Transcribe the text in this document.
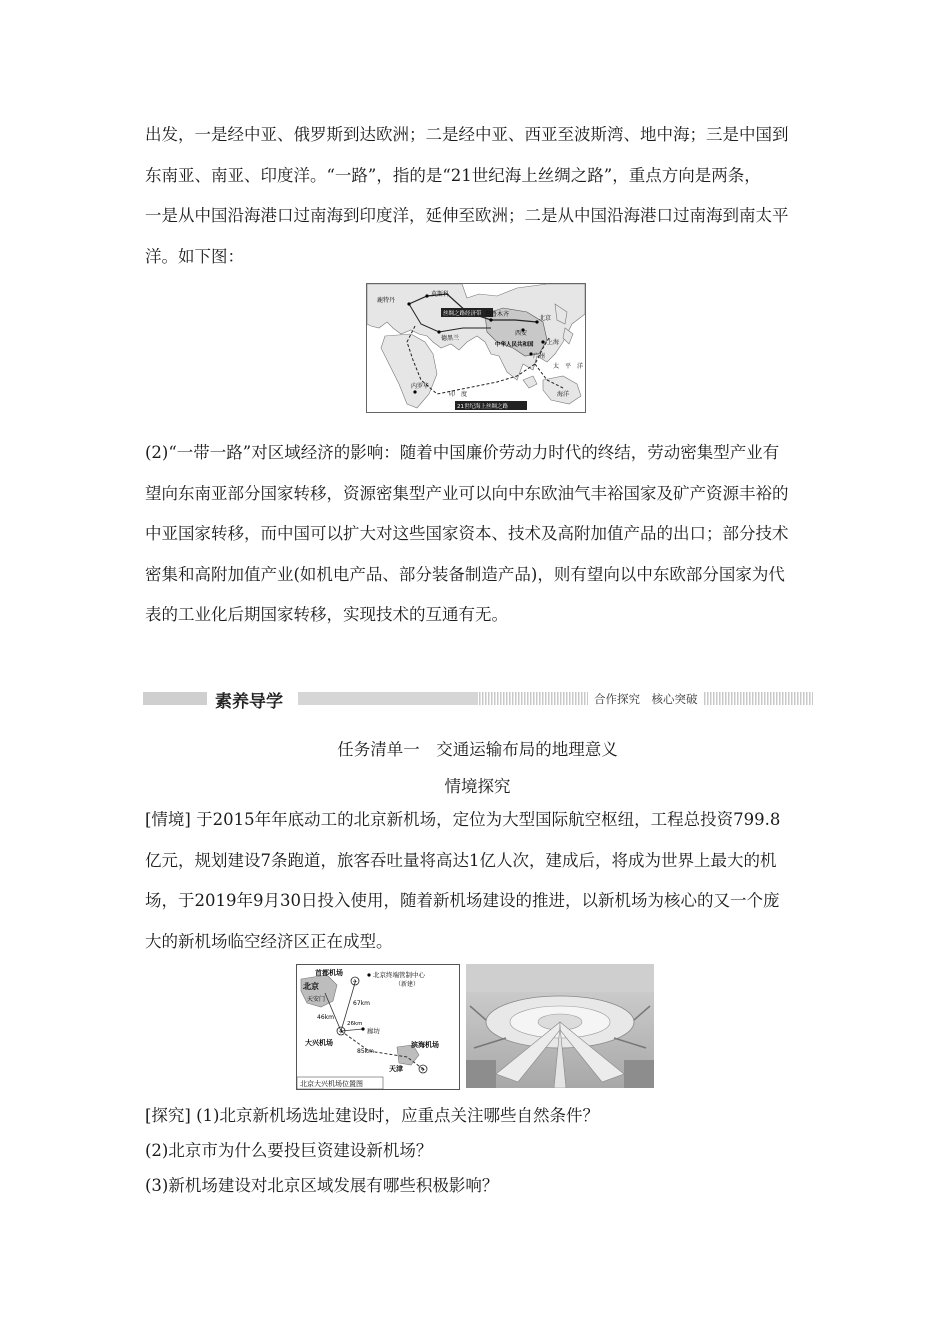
出发，一是经中亚、俄罗斯到达欧洲；二是经中亚、西亚至波斯湾、地中海；三是中国到
东南亚、南亚、印度洋。“一路”，指的是“21世纪海上丝绸之路”，重点方向是两条，
一是从中国沿海港口过南海到印度洋，延伸至欧洲；二是从中国沿海港口过南海到南太平
洋。如下图：
鹿特丹
莫斯科
丝绸之路经济带 乌鲁木齐
北京
西安
德黑兰
中华人民共和国 上海
广州
太　平　洋
内罗毕
印　度	海洋
21世纪海上丝绸之路
(2)“一带一路”对区域经济的影响：随着中国廉价劳动力时代的终结，劳动密集型产业有
望向东南亚部分国家转移，资源密集型产业可以向中东欧油气丰裕国家及矿产资源丰裕的
中亚国家转移，而中国可以扩大对这些国家资本、技术及高附加值产品的出口；部分技术
密集和高附加值产业(如机电产品、部分装备制造产品)，则有望向以中东欧部分国家为代
表的工业化后期国家转移，实现技术的互通有无。
素养导学	合作探究　核心突破
任务清单一　交通运输布局的地理意义
情境探究
[情境] 于2015年年底动工的北京新机场，定位为大型国际航空枢纽，工程总投资799.8
亿元，规划建设7条跑道，旅客吞吐量将高达1亿人次，建成后，将成为世界上最大的机
场，于2019年9月30日投入使用，随着新机场建设的推进，以新机场为核心的又一个庞
大的新机场临空经济区正在成型。
✈
✈
✈
首都机场	北京终端管制中心
（新建）
北京
天安门
67km
46km
26km
廊坊
大兴机场
85km
滨海机场
天津
北京大兴机场位置图
[探究] (1)北京新机场选址建设时，应重点关注哪些自然条件？
(2)北京市为什么要投巨资建设新机场？
(3)新机场建设对北京区域发展有哪些积极影响？
